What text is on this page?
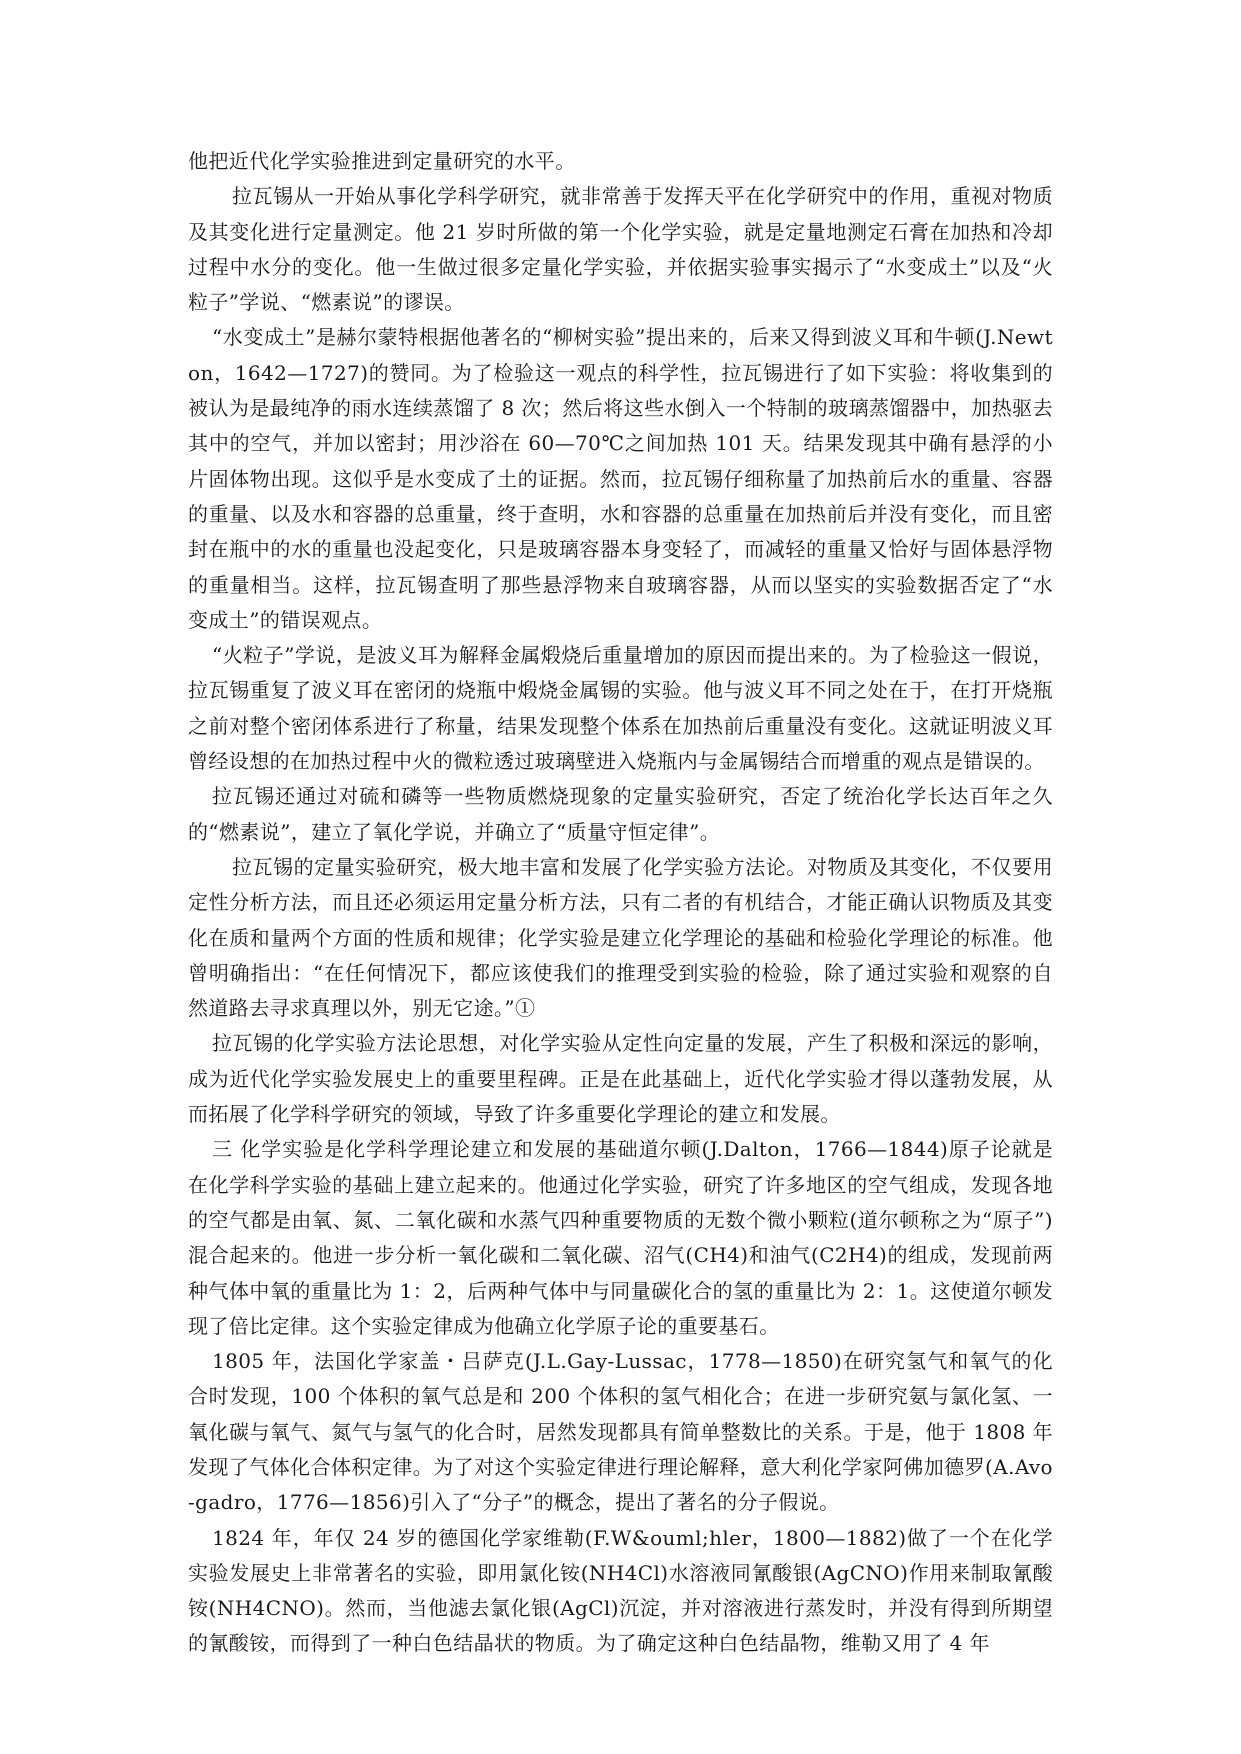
他把近代化学实验推进到定量研究的水平。

拉瓦锡从一开始从事化学科学研究，就非常善于发挥天平在化学研究中的作用，重视对物质及其变化进行定量测定。他 21 岁时所做的第一个化学实验，就是定量地测定石膏在加热和冷却过程中水分的变化。他一生做过很多定量化学实验，并依据实验事实揭示了“水变成土”以及“火粒子”学说、“燃素说”的谬误。

“水变成土”是赫尔蒙特根据他著名的“柳树实验”提出来的，后来又得到波义耳和牛顿(J.Newton，1642—1727)的赞同。为了检验这一观点的科学性，拉瓦锡进行了如下实验：将收集到的被认为是最纯净的雨水连续蒸馏了 8 次；然后将这些水倒入一个特制的玻璃蒸馏器中，加热驱去其中的空气，并加以密封；用沙浴在 60—70℃之间加热 101 天。结果发现其中确有悬浮的小片固体物出现。这似乎是水变成了土的证据。然而，拉瓦锡仔细称量了加热前后水的重量、容器的重量、以及水和容器的总重量，终于查明，水和容器的总重量在加热前后并没有变化，而且密封在瓶中的水的重量也没起变化，只是玻璃容器本身变轻了，而减轻的重量又恰好与固体悬浮物的重量相当。这样，拉瓦锡查明了那些悬浮物来自玻璃容器，从而以坚实的实验数据否定了“水变成土”的错误观点。

“火粒子”学说，是波义耳为解释金属煅烧后重量增加的原因而提出来的。为了检验这一假说，拉瓦锡重复了波义耳在密闭的烧瓶中煅烧金属锡的实验。他与波义耳不同之处在于，在打开烧瓶之前对整个密闭体系进行了称量，结果发现整个体系在加热前后重量没有变化。这就证明波义耳曾经设想的在加热过程中火的微粒透过玻璃壁进入烧瓶内与金属锡结合而增重的观点是错误的。

拉瓦锡还通过对硫和磷等一些物质燃烧现象的定量实验研究，否定了统治化学长达百年之久的“燃素说”，建立了氧化学说，并确立了“质量守恒定律”。

拉瓦锡的定量实验研究，极大地丰富和发展了化学实验方法论。对物质及其变化，不仅要用定性分析方法，而且还必须运用定量分析方法，只有二者的有机结合，才能正确认识物质及其变化在质和量两个方面的性质和规律；化学实验是建立化学理论的基础和检验化学理论的标准。他曾明确指出：“在任何情况下，都应该使我们的推理受到实验的检验，除了通过实验和观察的自然道路去寻求真理以外，别无它途。”①

拉瓦锡的化学实验方法论思想，对化学实验从定性向定量的发展，产生了积极和深远的影响，成为近代化学实验发展史上的重要里程碑。正是在此基础上，近代化学实验才得以蓬勃发展，从而拓展了化学科学研究的领域，导致了许多重要化学理论的建立和发展。

三 化学实验是化学科学理论建立和发展的基础道尔顿(J.Dalton，1766—1844)原子论就是在化学科学实验的基础上建立起来的。他通过化学实验，研究了许多地区的空气组成，发现各地的空气都是由氧、氮、二氧化碳和水蒸气四种重要物质的无数个微小颗粒(道尔顿称之为“原子”)混合起来的。他进一步分析一氧化碳和二氧化碳、沼气(CH4)和油气(C2H4)的组成，发现前两种气体中氧的重量比为 1：2，后两种气体中与同量碳化合的氢的重量比为 2：1。这使道尔顿发现了倍比定律。这个实验定律成为他确立化学原子论的重要基石。

1805 年，法国化学家盖・吕萨克(J.L.Gay-Lussac，1778—1850)在研究氢气和氧气的化合时发现，100 个体积的氧气总是和 200 个体积的氢气相化合；在进一步研究氨与氯化氢、一氧化碳与氧气、氮气与氢气的化合时，居然发现都具有简单整数比的关系。于是，他于 1808 年发现了气体化合体积定律。为了对这个实验定律进行理论解释，意大利化学家阿佛加德罗(A.Avo-gadro，1776—1856)引入了“分子”的概念，提出了著名的分子假说。

1824 年，年仅 24 岁的德国化学家维勒(F.W&ouml;hler，1800—1882)做了一个在化学实验发展史上非常著名的实验，即用氯化铵(NH4Cl)水溶液同氰酸银(AgCNO)作用来制取氰酸铵(NH4CNO)。然而，当他滤去氯化银(AgCl)沉淀，并对溶液进行蒸发时，并没有得到所期望的氰酸铵，而得到了一种白色结晶状的物质。为了确定这种白色结晶物，维勒又用了 4 年
